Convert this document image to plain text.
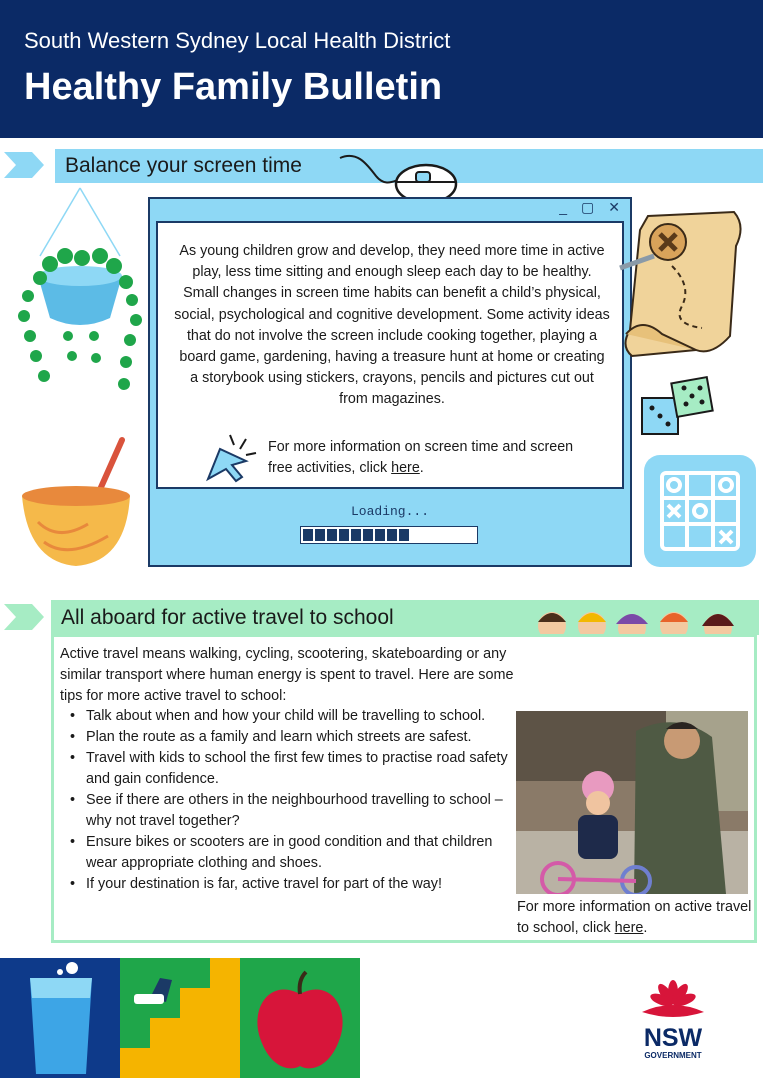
South Western Sydney Local Health District
Healthy Family Bulletin
Balance your screen time
_ ▢ ✕
As young children grow and develop, they need more time in active play, less time sitting and enough sleep each day to be healthy. Small changes in screen time habits can benefit a child’s physical, social, psychological and cognitive development. Some activity ideas that do not involve the screen include cooking together, playing a board game, gardening, having a treasure hunt at home or creating a storybook using stickers, crayons, pencils and pictures cut out from magazines.
For more information on screen time and screen free activities, click here.
Loading...
All aboard for active travel to school
Active travel means walking, cycling, scootering, skateboarding or any similar transport where human energy is spent to travel. Here are some tips for more active travel to school:
• Talk about when and how your child will be travelling to school.
• Plan the route as a family and learn which streets are safest.
• Travel with kids to school the first few times to practise road safety and gain confidence.
• See if there are others in the neighbourhood travelling to school – why not travel together?
• Ensure bikes or scooters are in good condition and that children wear appropriate clothing and shoes.
• If your destination is far, active travel for part of the way!
For more information on active travel to school, click here.
NSW
GOVERNMENT
